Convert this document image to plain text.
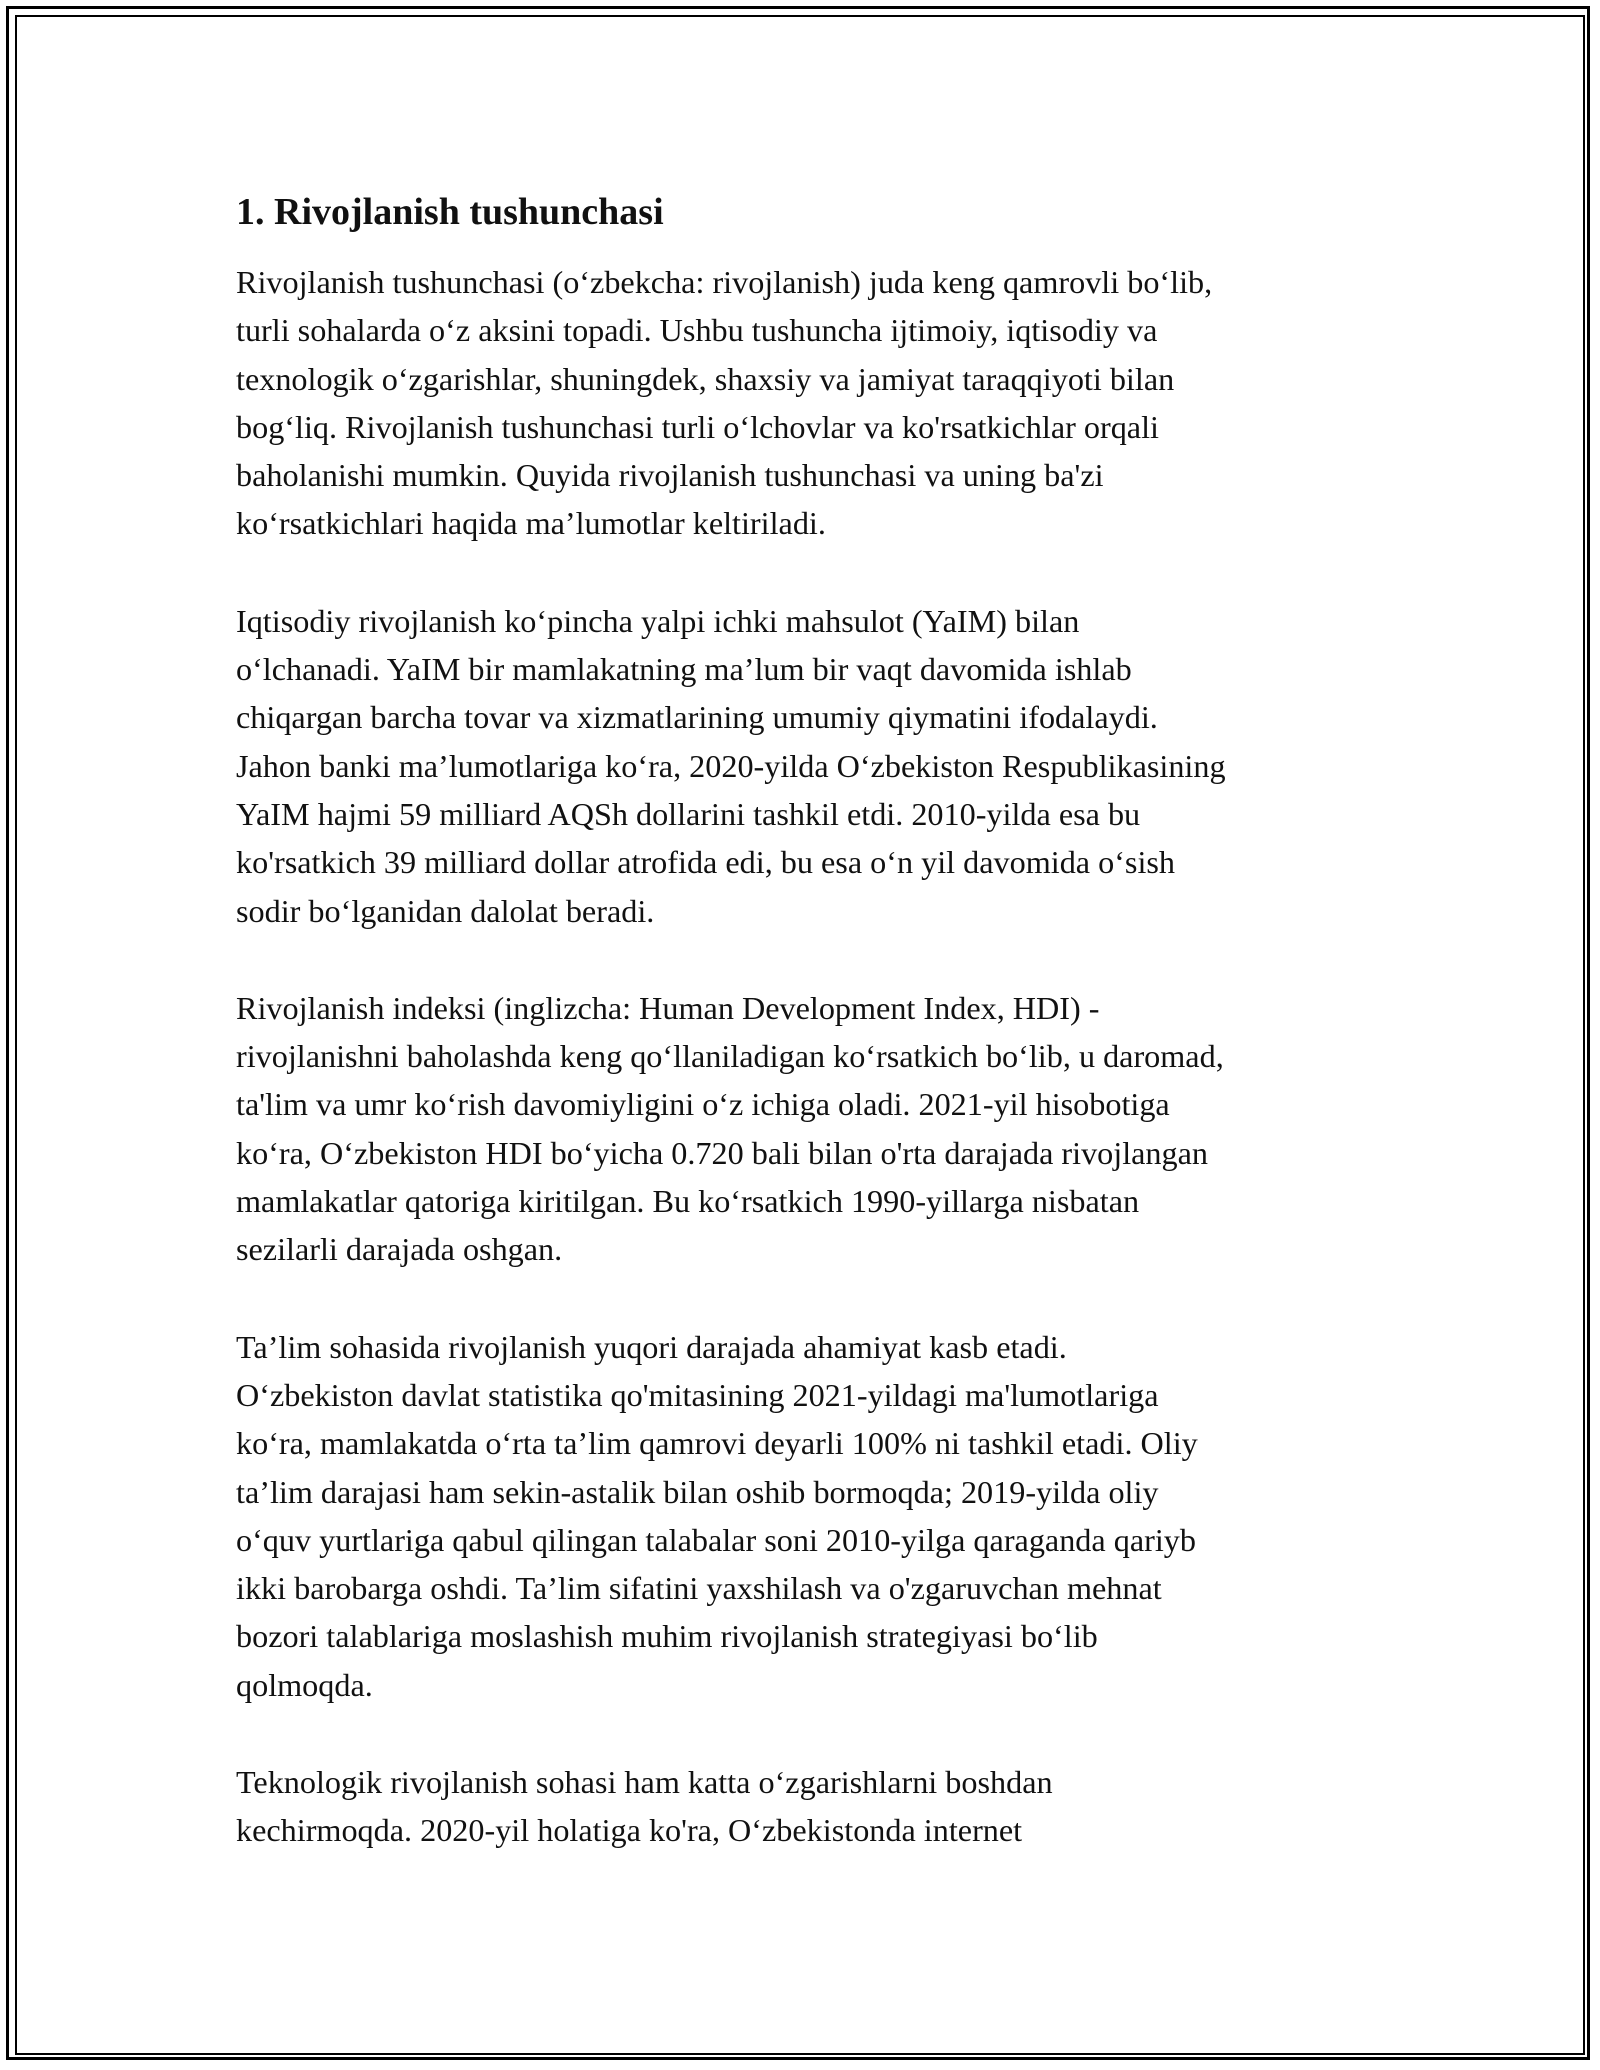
1. Rivojlanish tushunchasi

Rivojlanish tushunchasi (o‘zbekcha: rivojlanish) juda keng qamrovli bo‘lib,
turli sohalarda o‘z aksini topadi. Ushbu tushuncha ijtimoiy, iqtisodiy va
texnologik o‘zgarishlar, shuningdek, shaxsiy va jamiyat taraqqiyoti bilan
bog‘liq. Rivojlanish tushunchasi turli o‘lchovlar va ko'rsatkichlar orqali
baholanishi mumkin. Quyida rivojlanish tushunchasi va uning ba'zi
ko‘rsatkichlari haqida ma’lumotlar keltiriladi.

Iqtisodiy rivojlanish ko‘pincha yalpi ichki mahsulot (YaIM) bilan
o‘lchanadi. YaIM bir mamlakatning ma’lum bir vaqt davomida ishlab
chiqargan barcha tovar va xizmatlarining umumiy qiymatini ifodalaydi.
Jahon banki ma’lumotlariga ko‘ra, 2020-yilda O‘zbekiston Respublikasining
YaIM hajmi 59 milliard AQSh dollarini tashkil etdi. 2010-yilda esa bu
ko'rsatkich 39 milliard dollar atrofida edi, bu esa o‘n yil davomida o‘sish
sodir bo‘lganidan dalolat beradi.

Rivojlanish indeksi (inglizcha: Human Development Index, HDI) -
rivojlanishni baholashda keng qo‘llaniladigan ko‘rsatkich bo‘lib, u daromad,
ta'lim va umr ko‘rish davomiyligini o‘z ichiga oladi. 2021-yil hisobotiga
ko‘ra, O‘zbekiston HDI bo‘yicha 0.720 bali bilan o'rta darajada rivojlangan
mamlakatlar qatoriga kiritilgan. Bu ko‘rsatkich 1990-yillarga nisbatan
sezilarli darajada oshgan.

Ta’lim sohasida rivojlanish yuqori darajada ahamiyat kasb etadi.
O‘zbekiston davlat statistika qo'mitasining 2021-yildagi ma'lumotlariga
ko‘ra, mamlakatda o‘rta ta’lim qamrovi deyarli 100% ni tashkil etadi. Oliy
ta’lim darajasi ham sekin-astalik bilan oshib bormoqda; 2019-yilda oliy
o‘quv yurtlariga qabul qilingan talabalar soni 2010-yilga qaraganda qariyb
ikki barobarga oshdi. Ta’lim sifatini yaxshilash va o'zgaruvchan mehnat
bozori talablariga moslashish muhim rivojlanish strategiyasi bo‘lib
qolmoqda.

Teknologik rivojlanish sohasi ham katta o‘zgarishlarni boshdan
kechirmoqda. 2020-yil holatiga ko'ra, O‘zbekistonda internet
